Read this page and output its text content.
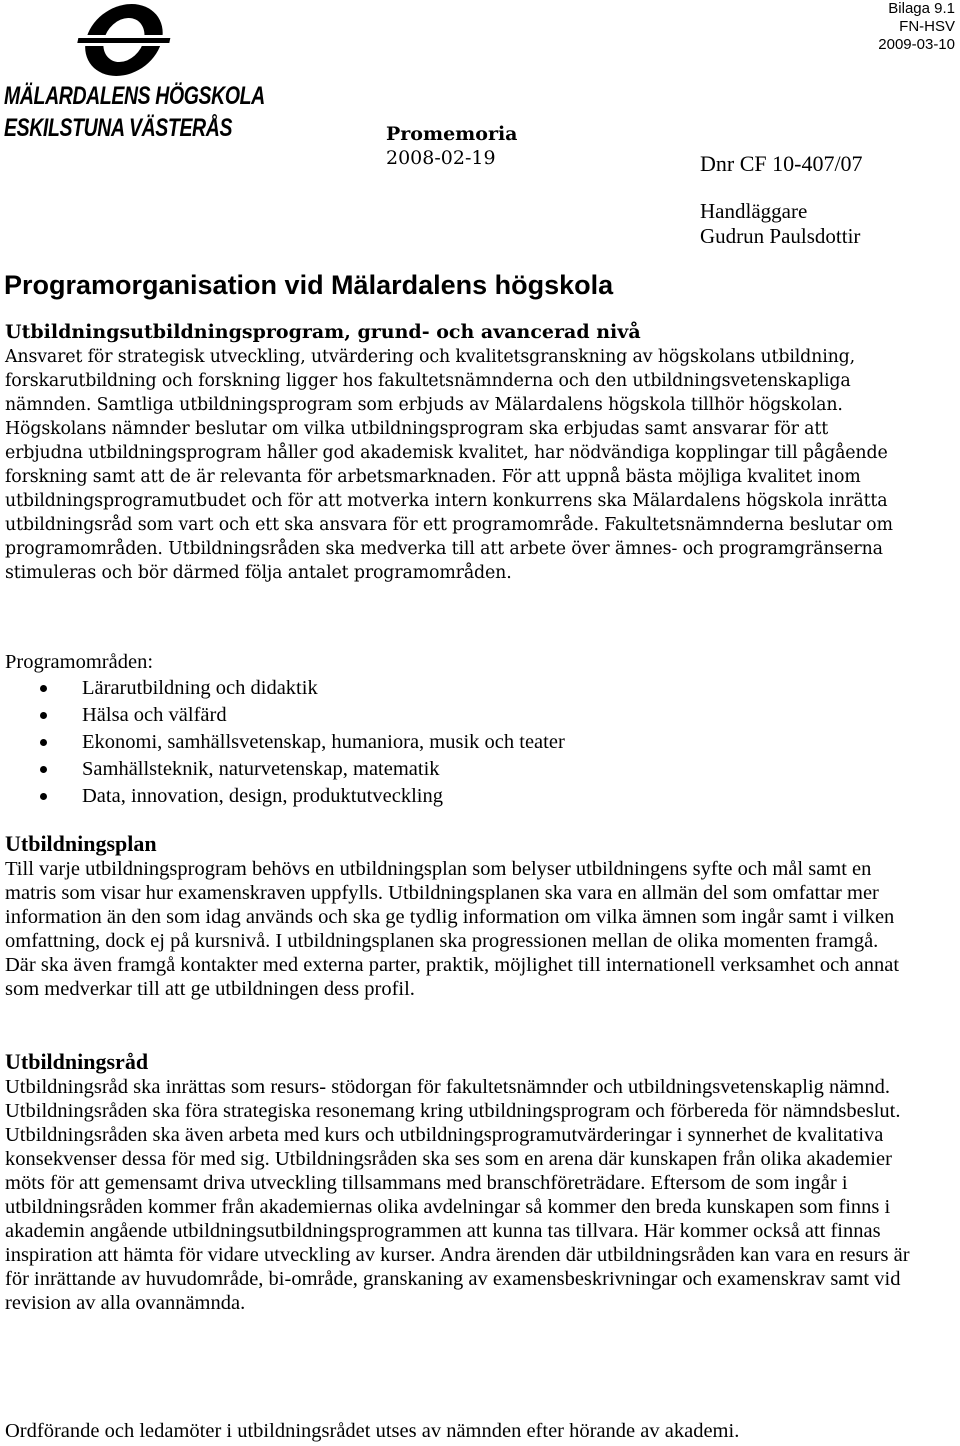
MÄLARDALENS HÖGSKOLA
ESKILSTUNA VÄSTERÅS
Bilaga 9.1
FN-HSV
2009-03-10
Promemoria
2008-02-19	Dnr CF 10-407/07
Handläggare
Gudrun Paulsdottir
Programorganisation vid Mälardalens högskola
Utbildningsutbildningsprogram, grund- och avancerad nivå
Ansvaret för strategisk utveckling, utvärdering och kvalitetsgranskning av högskolans utbildning, forskarutbildning och forskning ligger hos fakultetsnämnderna och den utbildningsvetenskapliga nämnden. Samtliga utbildningsprogram som erbjuds av Mälardalens högskola tillhör högskolan. Högskolans nämnder beslutar om vilka utbildningsprogram ska erbjudas samt ansvarar för att erbjudna utbildningsprogram håller god akademisk kvalitet, har nödvändiga kopplingar till pågående forskning samt att de är relevanta för arbetsmarknaden. För att uppnå bästa möjliga kvalitet inom utbildningsprogramutbudet och för att motverka intern konkurrens ska Mälardalens högskola inrätta utbildningsråd som vart och ett ska ansvara för ett programområde. Fakultetsnämnderna beslutar om programområden. Utbildningsråden ska medverka till att arbete över ämnes- och programgränserna stimuleras och bör därmed följa antalet programområden.
Programområden:
Lärarutbildning och didaktik
Hälsa och välfärd
Ekonomi, samhällsvetenskap, humaniora, musik och teater
Samhällsteknik, naturvetenskap, matematik
Data, innovation, design, produktutveckling
Utbildningsplan
Till varje utbildningsprogram behövs en utbildningsplan som belyser utbildningens syfte och mål samt en matris som visar hur examenskraven uppfylls. Utbildningsplanen ska vara en allmän del som omfattar mer information än den som idag används och ska ge tydlig information om vilka ämnen som ingår samt i vilken omfattning, dock ej på kursnivå. I utbildningsplanen ska progressionen mellan de olika momenten framgå. Där ska även framgå kontakter med externa parter, praktik, möjlighet till internationell verksamhet och annat som medverkar till att ge utbildningen dess profil.
Utbildningsråd
Utbildningsråd ska inrättas som resurs- stödorgan för fakultetsnämnder och utbildningsvetenskaplig nämnd. Utbildningsråden ska föra strategiska resonemang kring utbildningsprogram och förbereda för nämndsbeslut. Utbildningsråden ska även arbeta med kurs och utbildningsprogramutvärderingar i synnerhet de kvalitativa konsekvenser dessa för med sig. Utbildningsråden ska ses som en arena där kunskapen från olika akademier möts för att gemensamt driva utveckling tillsammans med branschföreträdare. Eftersom de som ingår i utbildningsråden kommer från akademiernas olika avdelningar så kommer den breda kunskapen som finns i akademin angående utbildningsutbildningsprogrammen att kunna tas tillvara. Här kommer också att finnas inspiration att hämta för vidare utveckling av kurser. Andra ärenden där utbildningsråden kan vara en resurs är för inrättande av huvudområde, bi-område, granskaning av examensbeskrivningar och examenskrav samt vid revision av alla ovannämnda.
Ordförande och ledamöter i utbildningsrådet utses av nämnden efter hörande av akademi.
